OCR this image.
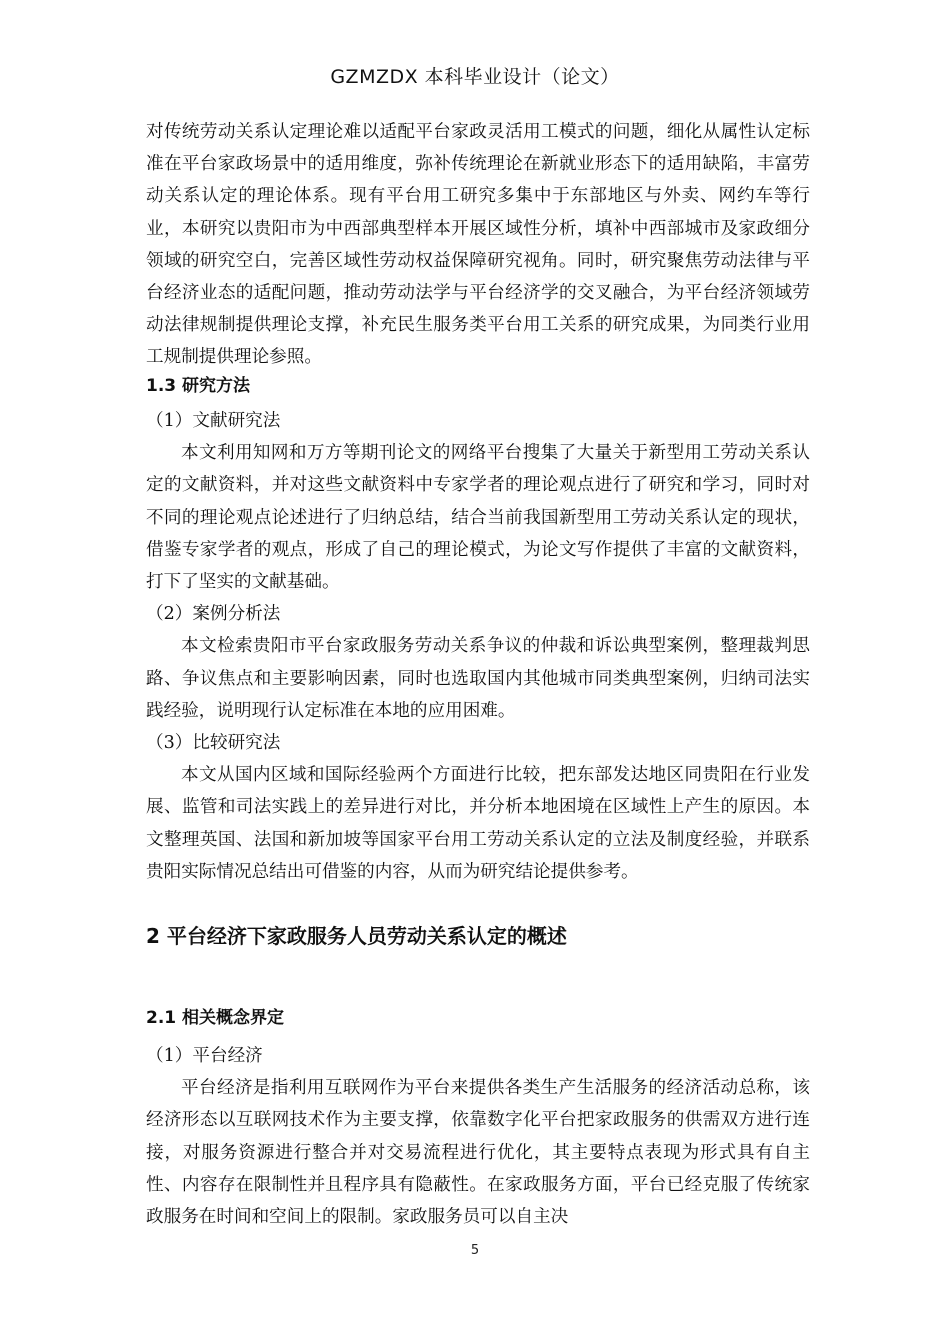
GZMZDX 本科毕业设计（论文）

对传统劳动关系认定理论难以适配平台家政灵活用工模式的问题，细化从属性认定标准在平台家政场景中的适用维度，弥补传统理论在新就业形态下的适用缺陷，丰富劳动关系认定的理论体系。现有平台用工研究多集中于东部地区与外卖、网约车等行业，本研究以贵阳市为中西部典型样本开展区域性分析，填补中西部城市及家政细分领域的研究空白，完善区域性劳动权益保障研究视角。同时，研究聚焦劳动法律与平台经济业态的适配问题，推动劳动法学与平台经济学的交叉融合，为平台经济领域劳动法律规制提供理论支撑，补充民生服务类平台用工关系的研究成果，为同类行业用工规制提供理论参照。

1.3 研究方法

（1）文献研究法

本文利用知网和万方等期刊论文的网络平台搜集了大量关于新型用工劳动关系认定的文献资料，并对这些文献资料中专家学者的理论观点进行了研究和学习，同时对不同的理论观点论述进行了归纳总结，结合当前我国新型用工劳动关系认定的现状，借鉴专家学者的观点，形成了自己的理论模式，为论文写作提供了丰富的文献资料，打下了坚实的文献基础。

（2）案例分析法

本文检索贵阳市平台家政服务劳动关系争议的仲裁和诉讼典型案例，整理裁判思路、争议焦点和主要影响因素，同时也选取国内其他城市同类典型案例，归纳司法实践经验，说明现行认定标准在本地的应用困难。

（3）比较研究法

本文从国内区域和国际经验两个方面进行比较，把东部发达地区同贵阳在行业发展、监管和司法实践上的差异进行对比，并分析本地困境在区域性上产生的原因。本文整理英国、法国和新加坡等国家平台用工劳动关系认定的立法及制度经验，并联系贵阳实际情况总结出可借鉴的内容，从而为研究结论提供参考。

2 平台经济下家政服务人员劳动关系认定的概述
2.1 相关概念界定

（1）平台经济

平台经济是指利用互联网作为平台来提供各类生产生活服务的经济活动总称，该经济形态以互联网技术作为主要支撑，依靠数字化平台把家政服务的供需双方进行连接，对服务资源进行整合并对交易流程进行优化，其主要特点表现为形式具有自主性、内容存在限制性并且程序具有隐蔽性。在家政服务方面，平台已经克服了传统家政服务在时间和空间上的限制。家政服务员可以自主决

5
